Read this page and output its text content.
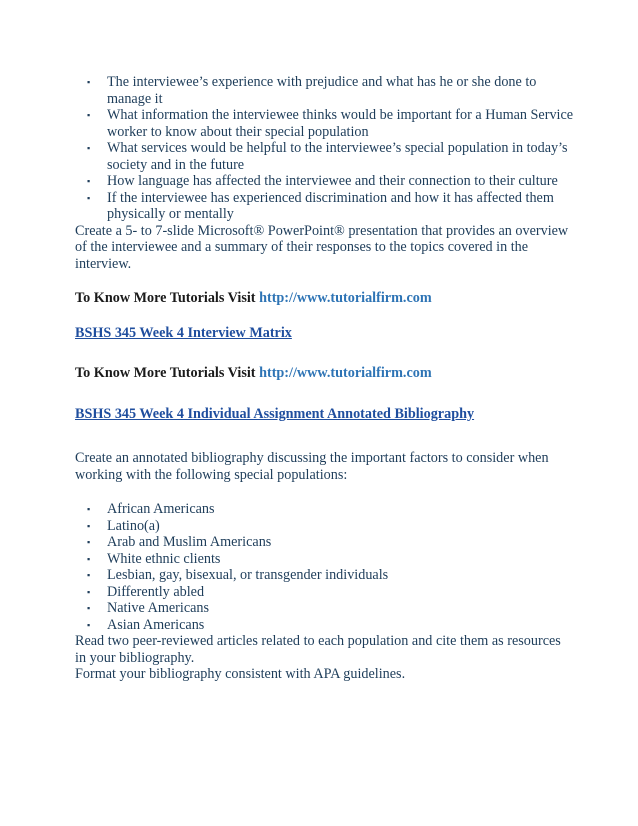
▪ The interviewee’s experience with prejudice and what has he or she done to manage it
▪ What information the interviewee thinks would be important for a Human Service worker to know about their special population
▪ What services would be helpful to the interviewee’s special population in today’s society and in the future
▪ How language has affected the interviewee and their connection to their culture
▪ If the interviewee has experienced discrimination and how it has affected them physically or mentally

Create a 5- to 7-slide Microsoft® PowerPoint® presentation that provides an overview of the interviewee and a summary of their responses to the topics covered in the interview.

To Know More Tutorials Visit http://www.tutorialfirm.com

BSHS 345 Week 4 Interview Matrix

To Know More Tutorials Visit http://www.tutorialfirm.com

BSHS 345 Week 4 Individual Assignment Annotated Bibliography

Create an annotated bibliography discussing the important factors to consider when working with the following special populations:

▪ African Americans
▪ Latino(a)
▪ Arab and Muslim Americans
▪ White ethnic clients
▪ Lesbian, gay, bisexual, or transgender individuals
▪ Differently abled
▪ Native Americans
▪ Asian Americans

Read two peer-reviewed articles related to each population and cite them as resources in your bibliography.

Format your bibliography consistent with APA guidelines.
